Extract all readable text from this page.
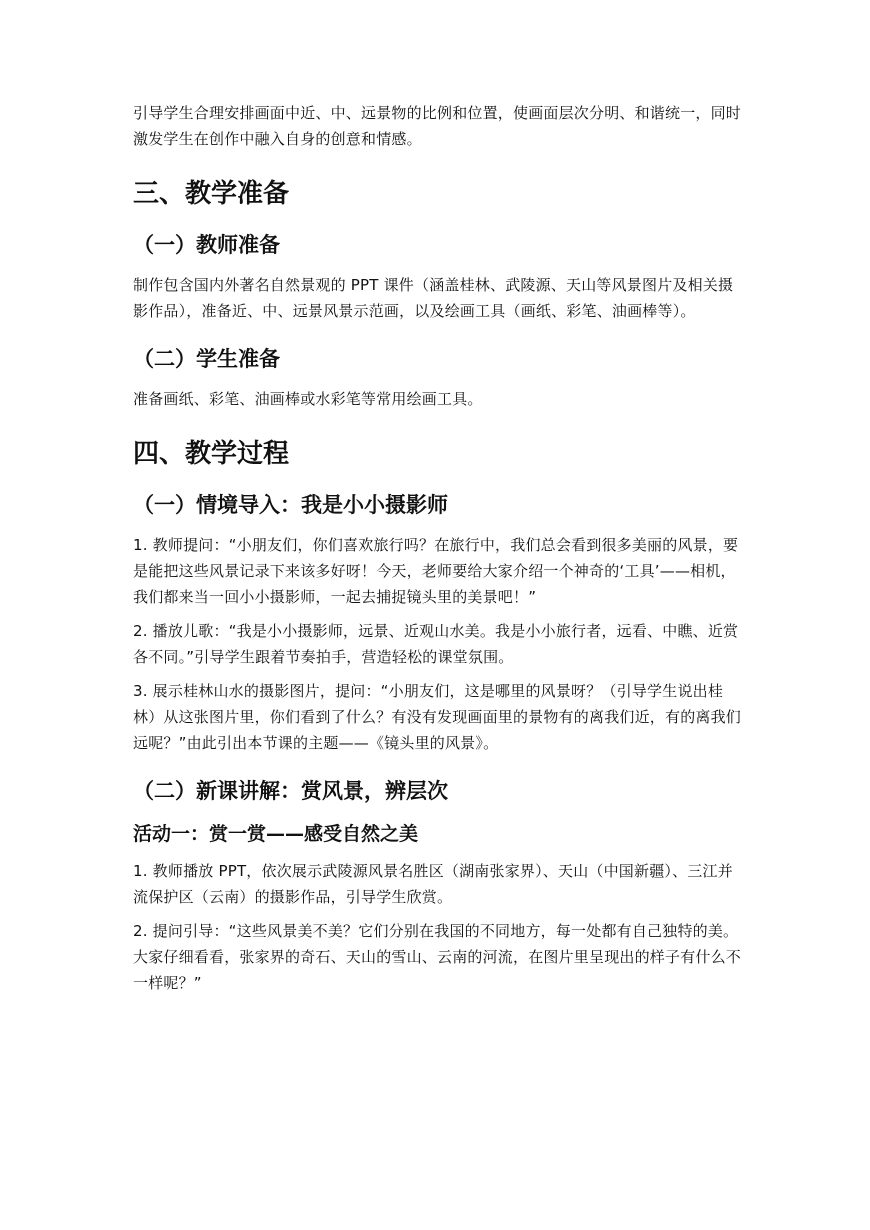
引导学生合理安排画面中近、中、远景物的比例和位置，使画面层次分明、和谐统一，同时激发学生在创作中融入自身的创意和情感。

三、教学准备
（一）教师准备

制作包含国内外著名自然景观的 PPT 课件（涵盖桂林、武陵源、天山等风景图片及相关摄影作品），准备近、中、远景风景示范画，以及绘画工具（画纸、彩笔、油画棒等）。

（二）学生准备

准备画纸、彩笔、油画棒或水彩笔等常用绘画工具。

四、教学过程
（一）情境导入：我是小小摄影师

1. 教师提问：“小朋友们，你们喜欢旅行吗？在旅行中，我们总会看到很多美丽的风景，要是能把这些风景记录下来该多好呀！今天，老师要给大家介绍一个神奇的‘工具’——相机，我们都来当一回小小摄影师，一起去捕捉镜头里的美景吧！”

2. 播放儿歌：“我是小小摄影师，远景、近观山水美。我是小小旅行者，远看、中瞧、近赏各不同。”引导学生跟着节奏拍手，营造轻松的课堂氛围。

3. 展示桂林山水的摄影图片，提问：“小朋友们，这是哪里的风景呀？（引导学生说出桂林）从这张图片里，你们看到了什么？有没有发现画面里的景物有的离我们近，有的离我们远呢？”由此引出本节课的主题——《镜头里的风景》。

（二）新课讲解：赏风景，辨层次
活动一：赏一赏——感受自然之美

1. 教师播放 PPT，依次展示武陵源风景名胜区（湖南张家界）、天山（中国新疆）、三江并流保护区（云南）的摄影作品，引导学生欣赏。

2. 提问引导：“这些风景美不美？它们分别在我国的不同地方，每一处都有自己独特的美。大家仔细看看，张家界的奇石、天山的雪山、云南的河流，在图片里呈现出的样子有什么不一样呢？”
